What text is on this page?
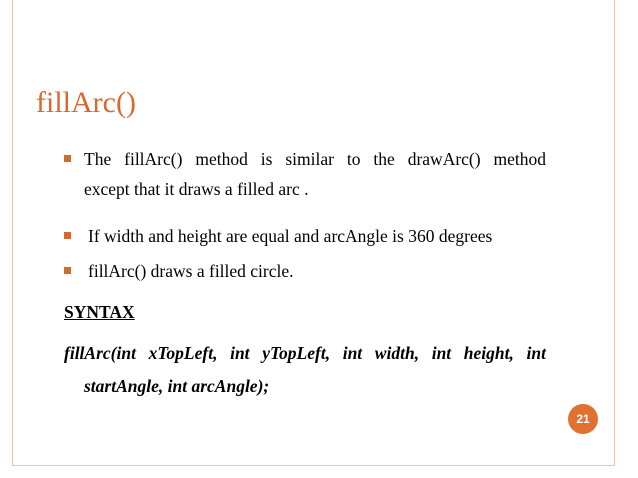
fillArc()
The fillArc() method is similar to the drawArc() method
except that it draws a filled arc .
If width and height are equal and arcAngle is 360 degrees
fillArc() draws a filled circle.
SYNTAX
fillArc(int xTopLeft, int yTopLeft, int width, int height, int
startAngle, int arcAngle);
21
